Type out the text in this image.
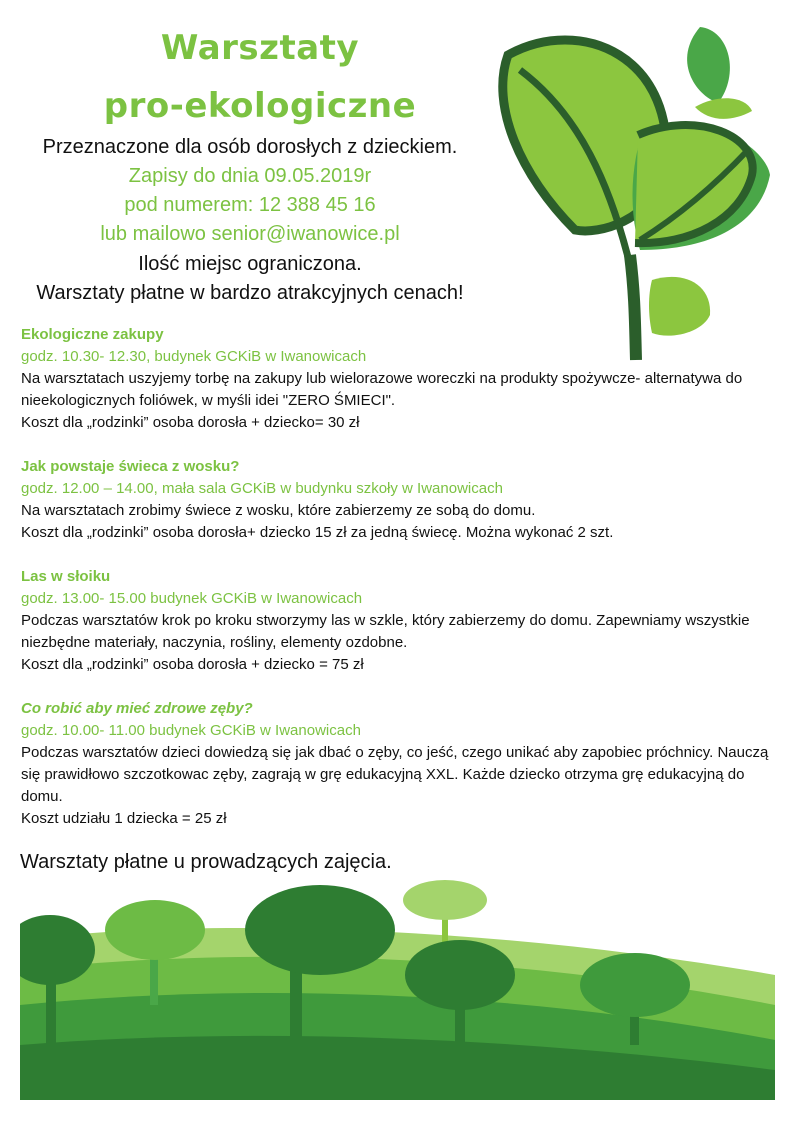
Warsztaty
pro-ekologiczne
Przeznaczone dla osób dorosłych z dzieckiem.
Zapisy do dnia 09.05.2019r
pod numerem: 12 388 45 16
lub mailowo senior@iwanowice.pl
Ilość miejsc ograniczona.
Warsztaty płatne w bardzo atrakcyjnych cenach!

Ekologiczne zakupy

godz. 10.30- 12.30, budynek GCKiB w Iwanowicach

Na warsztatach uszyjemy torbę na zakupy lub wielorazowe woreczki na produkty spożywcze- alternatywa do nieekologicznych foliówek, w myśli idei "ZERO ŚMIECI".

Koszt dla „rodzinki” osoba dorosła + dziecko= 30 zł

Jak powstaje świeca z wosku?

godz. 12.00 – 14.00, mała sala GCKiB w budynku szkoły w Iwanowicach

Na warsztatach zrobimy świece z wosku, które zabierzemy ze sobą do domu.

Koszt dla „rodzinki” osoba dorosła+ dziecko 15 zł za jedną świecę. Można wykonać 2 szt.

Las w słoiku

godz. 13.00- 15.00 budynek GCKiB w Iwanowicach

Podczas warsztatów krok po kroku stworzymy las w szkle, który zabierzemy do domu. Zapewniamy wszystkie niezbędne materiały, naczynia, rośliny, elementy ozdobne.

Koszt dla „rodzinki” osoba dorosła + dziecko = 75 zł

Co robić aby mieć zdrowe zęby?

godz. 10.00- 11.00 budynek GCKiB w Iwanowicach

Podczas warsztatów dzieci dowiedzą się jak dbać o zęby, co jeść, czego unikać aby zapobiec próchnicy. Nauczą się prawidłowo szczotkowac zęby, zagrają w grę edukacyjną XXL. Każde dziecko otrzyma grę edukacyjną do domu.

Koszt udziału 1 dziecka = 25 zł

Warsztaty płatne u prowadzących zajęcia.
